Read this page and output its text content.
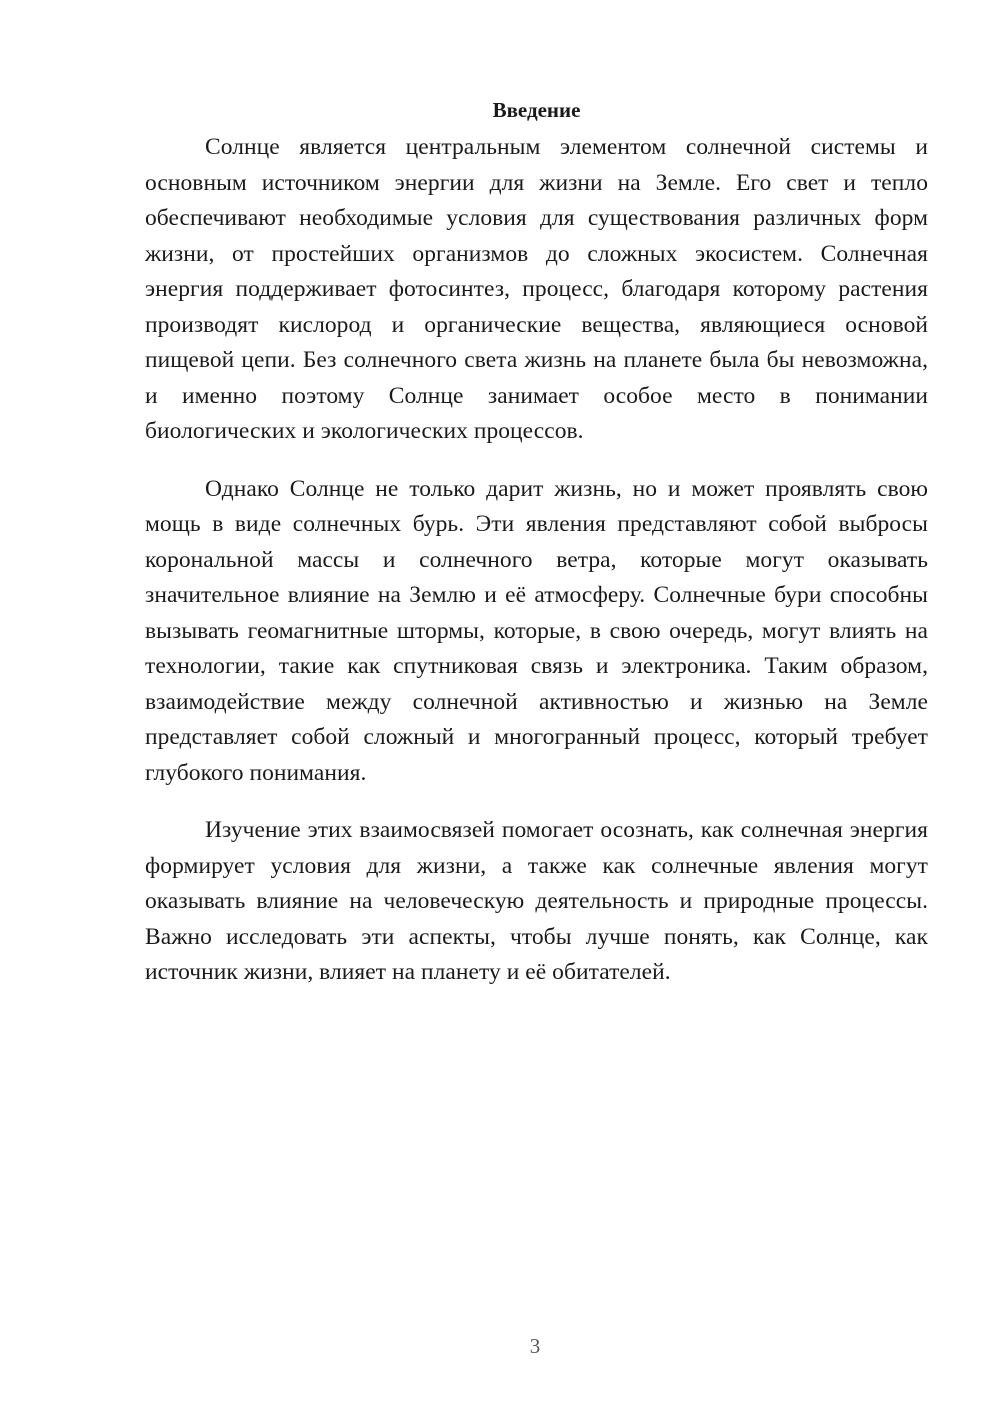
Введение

Солнце является центральным элементом солнечной системы и основным источником энергии для жизни на Земле. Его свет и тепло обеспечивают необходимые условия для существования различных форм жизни, от простейших организмов до сложных экосистем. Солнечная энергия поддерживает фотосинтез, процесс, благодаря которому растения производят кислород и органические вещества, являющиеся основой пищевой цепи. Без солнечного света жизнь на планете была бы невозможна, и именно поэтому Солнце занимает особое место в понимании биологических и экологических процессов.

Однако Солнце не только дарит жизнь, но и может проявлять свою мощь в виде солнечных бурь. Эти явления представляют собой выбросы корональной массы и солнечного ветра, которые могут оказывать значительное влияние на Землю и её атмосферу. Солнечные бури способны вызывать геомагнитные штормы, которые, в свою очередь, могут влиять на технологии, такие как спутниковая связь и электроника. Таким образом, взаимодействие между солнечной активностью и жизнью на Земле представляет собой сложный и многогранный процесс, который требует глубокого понимания.

Изучение этих взаимосвязей помогает осознать, как солнечная энергия формирует условия для жизни, а также как солнечные явления могут оказывать влияние на человеческую деятельность и природные процессы. Важно исследовать эти аспекты, чтобы лучше понять, как Солнце, как источник жизни, влияет на планету и её обитателей.

3
